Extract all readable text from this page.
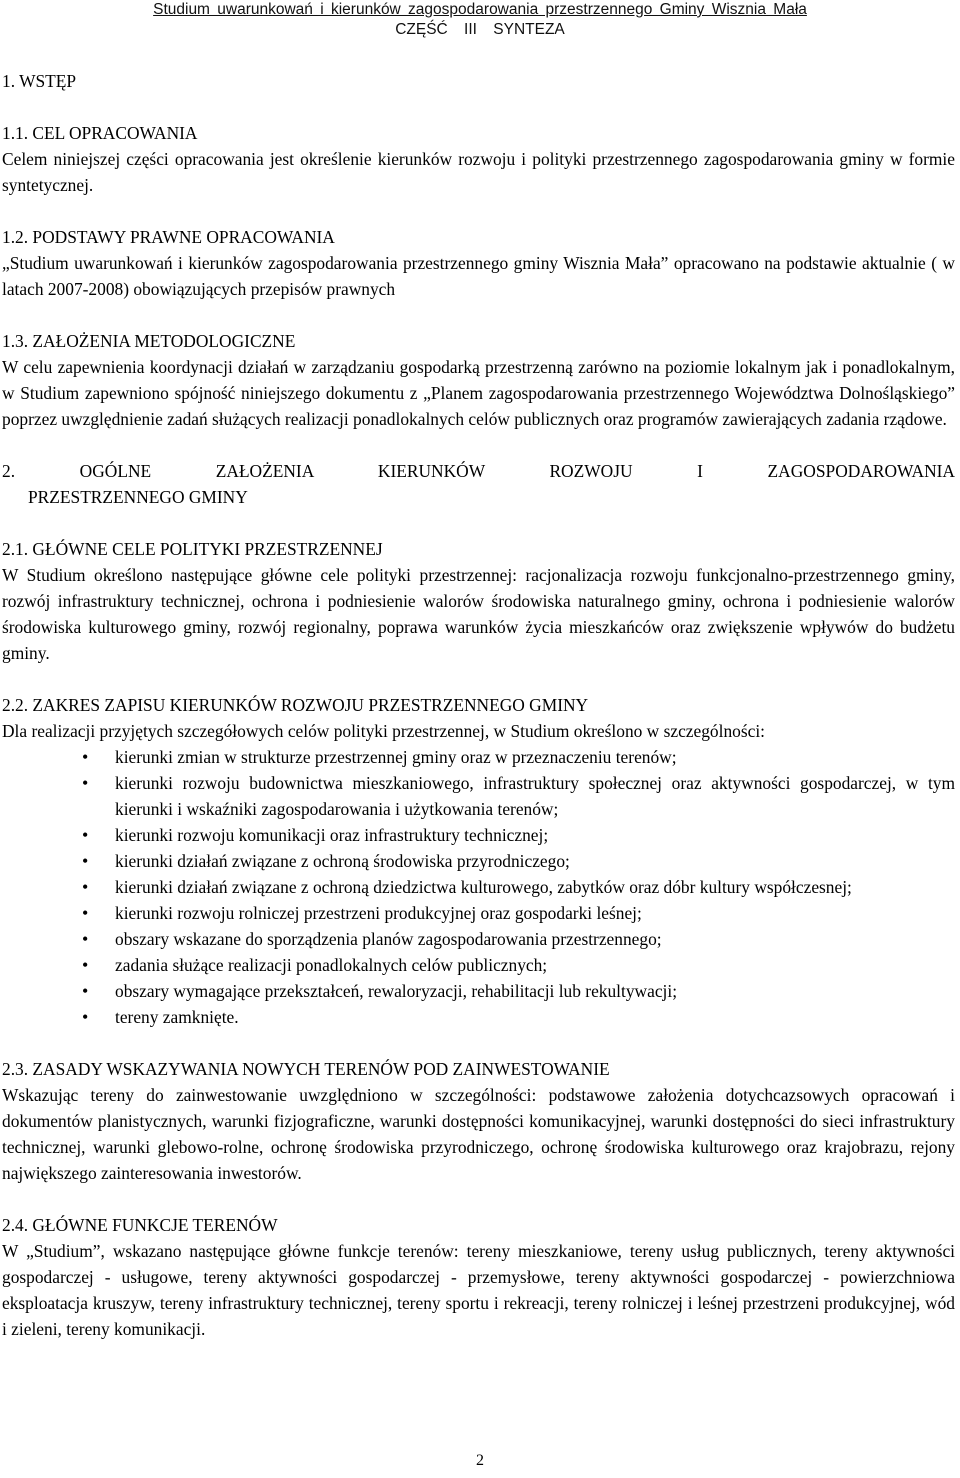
Studium uwarunkowań i kierunków zagospodarowania przestrzennego Gminy Wisznia Mała
CZĘŚĆ III SYNTEZA
1. WSTĘP
1.1. CEL OPRACOWANIA

Celem niniejszej części opracowania jest określenie kierunków rozwoju i polityki przestrzennego zagospodarowania gminy w formie syntetycznej.

1.2. PODSTAWY PRAWNE OPRACOWANIA

„Studium uwarunkowań i kierunków zagospodarowania przestrzennego gminy Wisznia Mała” opracowano na podstawie aktualnie ( w latach 2007-2008) obowiązujących przepisów prawnych

1.3. ZAŁOŻENIA METODOLOGICZNE

W celu zapewnienia koordynacji działań w zarządzaniu gospodarką przestrzenną zarówno na poziomie lokalnym jak i ponadlokalnym, w Studium zapewniono spójność niniejszego dokumentu z „Planem zagospodarowania przestrzennego Województwa Dolnośląskiego” poprzez uwzględnienie zadań służących realizacji ponadlokalnych celów publicznych oraz programów zawierających zadania rządowe.

2. OGÓLNE ZAŁOŻENIA KIERUNKÓW ROZWOJU I ZAGOSPODAROWANIA
PRZESTRZENNEGO GMINY
2.1. GŁÓWNE CELE POLITYKI PRZESTRZENNEJ

W Studium określono następujące główne cele polityki przestrzennej: racjonalizacja rozwoju funkcjonalno-przestrzennego gminy, rozwój infrastruktury technicznej, ochrona i podniesienie walorów środowiska naturalnego gminy, ochrona i podniesienie walorów środowiska kulturowego gminy, rozwój regionalny, poprawa warunków życia mieszkańców oraz zwiększenie wpływów do budżetu gminy.

2.2. ZAKRES ZAPISU KIERUNKÓW ROZWOJU PRZESTRZENNEGO GMINY

Dla realizacji przyjętych szczegółowych celów polityki przestrzennej, w Studium określono w szczególności:

• kierunki zmian w strukturze przestrzennej gminy oraz w przeznaczeniu terenów;
• kierunki rozwoju budownictwa mieszkaniowego, infrastruktury społecznej oraz aktywności gospodarczej, w tym kierunki i wskaźniki zagospodarowania i użytkowania terenów;
• kierunki rozwoju komunikacji oraz infrastruktury technicznej;
• kierunki działań związane z ochroną środowiska przyrodniczego;
• kierunki działań związane z ochroną dziedzictwa kulturowego, zabytków oraz dóbr kultury współczesnej;
• kierunki rozwoju rolniczej przestrzeni produkcyjnej oraz gospodarki leśnej;
• obszary wskazane do sporządzenia planów zagospodarowania przestrzennego;
• zadania służące realizacji ponadlokalnych celów publicznych;
• obszary wymagające przekształceń, rewaloryzacji, rehabilitacji lub rekultywacji;
• tereny zamknięte.
2.3. ZASADY WSKAZYWANIA NOWYCH TERENÓW POD ZAINWESTOWANIE

Wskazując tereny do zainwestowanie uwzględniono w szczególności: podstawowe założenia dotychcazsowych opracowań i dokumentów planistycznych, warunki fizjograficzne, warunki dostępności komunikacyjnej, warunki dostępności do sieci infrastruktury technicznej, warunki glebowo-rolne, ochronę środowiska przyrodniczego, ochronę środowiska kulturowego oraz krajobrazu, rejony największego zainteresowania inwestorów.

2.4. GŁÓWNE FUNKCJE TERENÓW

W „Studium”, wskazano następujące główne funkcje terenów: tereny mieszkaniowe, tereny usług publicznych, tereny aktywności gospodarczej - usługowe, tereny aktywności gospodarczej - przemysłowe, tereny aktywności gospodarczej - powierzchniowa eksploatacja kruszyw, tereny infrastruktury technicznej, tereny sportu i rekreacji, tereny rolniczej i leśnej przestrzeni produkcyjnej, wód i zieleni, tereny komunikacji.

2
